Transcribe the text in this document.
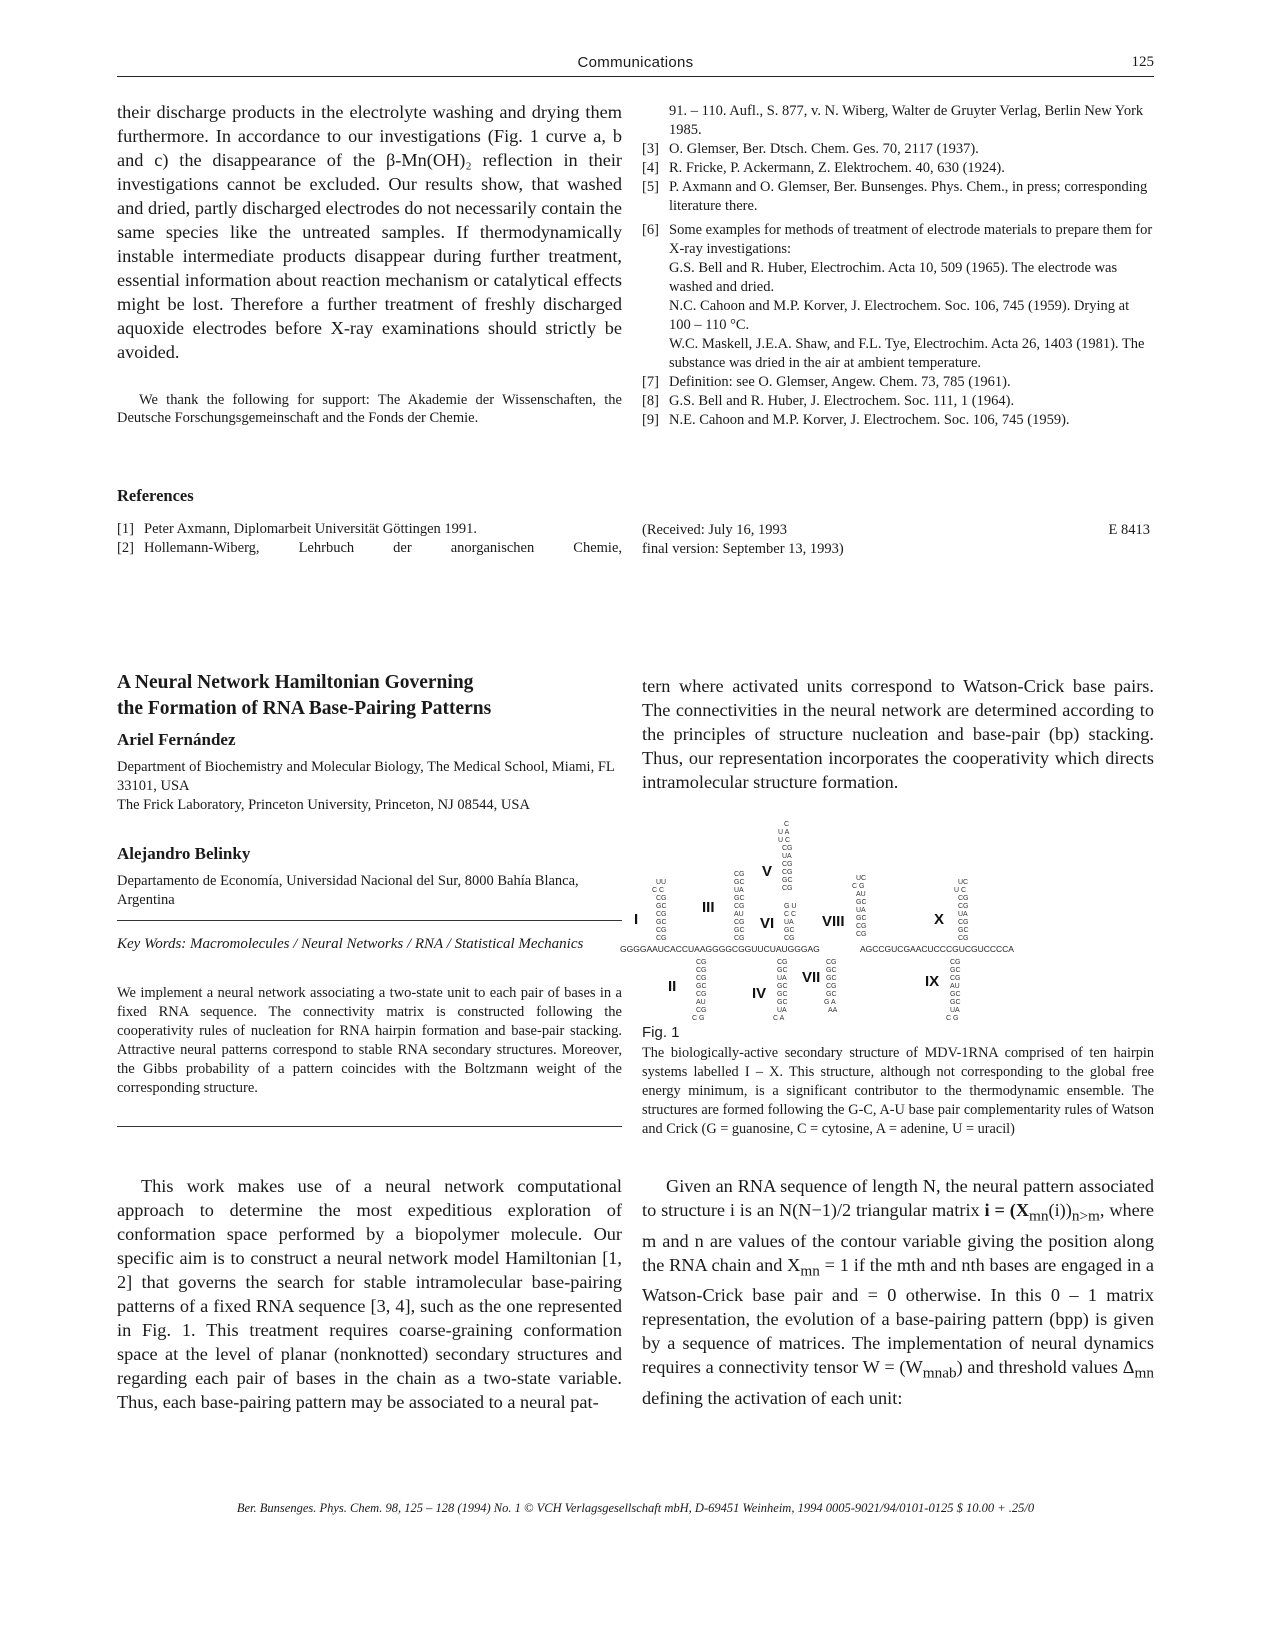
Communications	125

their discharge products in the electrolyte washing and drying them furthermore. In accordance to our investigations (Fig. 1 curve a, b and c) the disappearance of the β-Mn(OH)₂ reflection in their investigations cannot be excluded. Our results show, that washed and dried, partly discharged electrodes do not necessarily contain the same species like the untreated samples. If thermodynamically instable intermediate products disappear during further treatment, essential information about reaction mechanism or catalytical effects might be lost. Therefore a further treatment of freshly discharged aquoxide electrodes before X-ray examinations should strictly be avoided.

We thank the following for support: The Akademie der Wissenschaften, the Deutsche Forschungsgemeinschaft and the Fonds der Chemie.

References

[1] Peter Axmann, Diplomarbeit Universität Göttingen 1991.
[2] Hollemann-Wiberg, Lehrbuch der anorganischen Chemie,
91. – 110. Aufl., S. 877, v. N. Wiberg, Walter de Gruyter Verlag, Berlin New York 1985.
[3] O. Glemser, Ber. Dtsch. Chem. Ges. 70, 2117 (1937).
[4] R. Fricke, P. Ackermann, Z. Elektrochem. 40, 630 (1924).
[5] P. Axmann and O. Glemser, Ber. Bunsenges. Phys. Chem., in press; corresponding literature there.
[6] Some examples for methods of treatment of electrode materials to prepare them for X-ray investigations:
G.S. Bell and R. Huber, Electrochim. Acta 10, 509 (1965). The electrode was washed and dried.
N.C. Cahoon and M.P. Korver, J. Electrochem. Soc. 106, 745 (1959). Drying at 100 – 110 °C.
W.C. Maskell, J.E.A. Shaw, and F.L. Tye, Electrochim. Acta 26, 1403 (1981). The substance was dried in the air at ambient temperature.
[7] Definition: see O. Glemser, Angew. Chem. 73, 785 (1961).
[8] G.S. Bell and R. Huber, J. Electrochem. Soc. 111, 1 (1964).
[9] N.E. Cahoon and M.P. Korver, J. Electrochem. Soc. 106, 745 (1959).
(Received: July 16, 1993
final version: September 13, 1993)
E 8413

A Neural Network Hamiltonian Governing

the Formation of RNA Base-Pairing Patterns

Ariel Fernández

Department of Biochemistry and Molecular Biology, The Medical School, Miami, FL 33101, USA

The Frick Laboratory, Princeton University, Princeton, NJ 08544, USA

Alejandro Belinky

Departamento de Economía, Universidad Nacional del Sur, 8000 Bahía Blanca, Argentina

Key Words: Macromolecules / Neural Networks / RNA / Statistical Mechanics

We implement a neural network associating a two-state unit to each pair of bases in a fixed RNA sequence. The connectivity matrix is constructed following the cooperativity rules of nucleation for RNA hairpin formation and base-pair stacking. Attractive neural patterns correspond to stable RNA secondary structures. Moreover, the Gibbs probability of a pattern coincides with the Boltzmann weight of the corresponding structure.

This work makes use of a neural network computational approach to determine the most expeditious exploration of conformation space performed by a biopolymer molecule. Our specific aim is to construct a neural network model Hamiltonian [1, 2] that governs the search for stable intramolecular base-pairing patterns of a fixed RNA sequence [3, 4], such as the one represented in Fig. 1. This treatment requires coarse-graining conformation space at the level of planar (nonknotted) secondary structures and regarding each pair of bases in the chain as a two-state variable. Thus, each base-pairing pattern may be associated to a neural pat-

tern where activated units correspond to Watson-Crick base pairs. The connectivities in the neural network are determined according to the principles of structure nucleation and base-pair (bp) stacking. Thus, our representation incorporates the cooperativity which directs intramolecular structure formation.

GGGGAAUCACCUAAGGGGCGGUUCUAUGGGAG	AGCCGUCGAACUCCCGUCGUCCCCA
UU
C C
CG
GC
CG
GC
CG
CG
CG
CG
CG
GC
CG
AU
CG
C G
CG
GC
UA
GC
CG
AU
CG
GC
CG
CG
GC
UA
GC
GC
GC
UA
C A
C
U A
U C
CG
UA
CG
CG
GC
CG
G U
C C
UA
GC
CG
CG
GC
GC
CG
GC
G A
AA
UC
C G
AU
GC
UA
GC
CG
CG
CG
GC
CG
AU
GC
GC
UA
C G
UC
U C
CG
CG
UA
CG
GC
CG
I
II
III
IV
V
VI
VII
VIII
IX
X
Fig. 1

The biologically-active secondary structure of MDV-1RNA comprised of ten hairpin systems labelled I – X. This structure, although not corresponding to the global free energy minimum, is a significant contributor to the thermodynamic ensemble. The structures are formed following the G-C, A-U base pair complementarity rules of Watson and Crick (G = guanosine, C = cytosine, A = adenine, U = uracil)

Given an RNA sequence of length N, the neural pattern associated to structure i is an N(N−1)/2 triangular matrix $i = (X_{mn}(i))_{n>m}$, where m and n are values of the contour variable giving the position along the RNA chain and $X_{mn} = 1$ if the mth and nth bases are engaged in a Watson-Crick base pair and = 0 otherwise. In this 0 – 1 matrix representation, the evolution of a base-pairing pattern (bpp) is given by a sequence of matrices. The implementation of neural dynamics requires a connectivity tensor $W = (W_{mnab})$ and threshold values $\Delta_{mn}$ defining the activation of each unit:

Ber. Bunsenges. Phys. Chem. 98, 125 – 128 (1994) No. 1 © VCH Verlagsgesellschaft mbH, D-69451 Weinheim, 1994 0005-9021/94/0101-0125 $ 10.00 + .25/0
